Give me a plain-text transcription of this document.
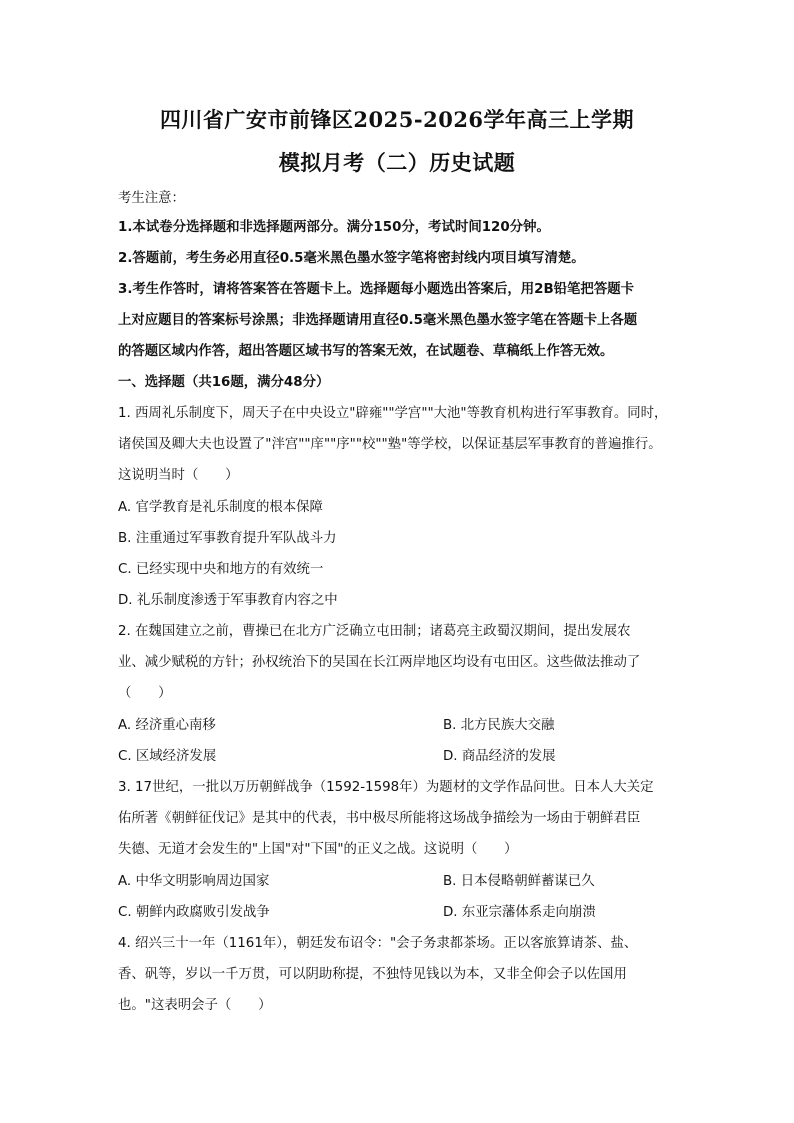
四川省广安市前锋区2025-2026学年高三上学期
模拟月考（二）历史试题
考生注意：
1.本试卷分选择题和非选择题两部分。满分150分，考试时间120分钟。
2.答题前，考生务必用直径0.5毫米黑色墨水签字笔将密封线内项目填写清楚。
3.考生作答时，请将答案答在答题卡上。选择题每小题选出答案后，用2B铅笔把答题卡
上对应题目的答案标号涂黑；非选择题请用直径0.5毫米黑色墨水签字笔在答题卡上各题
的答题区域内作答，超出答题区域书写的答案无效，在试题卷、草稿纸上作答无效。
一、选择题（共16题，满分48分）
1. 西周礼乐制度下，周天子在中央设立"辟雍""学宫""大池"等教育机构进行军事教育。同时，
诸侯国及卿大夫也设置了"泮宫""庠""序""校""塾"等学校，以保证基层军事教育的普遍推行。
这说明当时（　　）
A. 官学教育是礼乐制度的根本保障
B. 注重通过军事教育提升军队战斗力
C. 已经实现中央和地方的有效统一
D. 礼乐制度渗透于军事教育内容之中
2. 在魏国建立之前，曹操已在北方广泛确立屯田制；诸葛亮主政蜀汉期间，提出发展农
业、减少赋税的方针；孙权统治下的吴国在长江两岸地区均设有屯田区。这些做法推动了
（　　）
A. 经济重心南移	B. 北方民族大交融
C. 区域经济发展	D. 商品经济的发展
3. 17世纪，一批以万历朝鲜战争（1592-1598年）为题材的文学作品问世。日本人大关定
佑所著《朝鲜征伐记》是其中的代表，书中极尽所能将这场战争描绘为一场由于朝鲜君臣
失德、无道才会发生的"上国"对"下国"的正义之战。这说明（　　）
A. 中华文明影响周边国家	B. 日本侵略朝鲜蓄谋已久
C. 朝鲜内政腐败引发战争	D. 东亚宗藩体系走向崩溃
4. 绍兴三十一年（1161年），朝廷发布诏令："会子务隶都茶场。正以客旅算请茶、盐、
香、矾等，岁以一千万贯，可以阴助称提，不独恃见钱以为本，又非全仰会子以佐国用
也。"这表明会子（　　）
